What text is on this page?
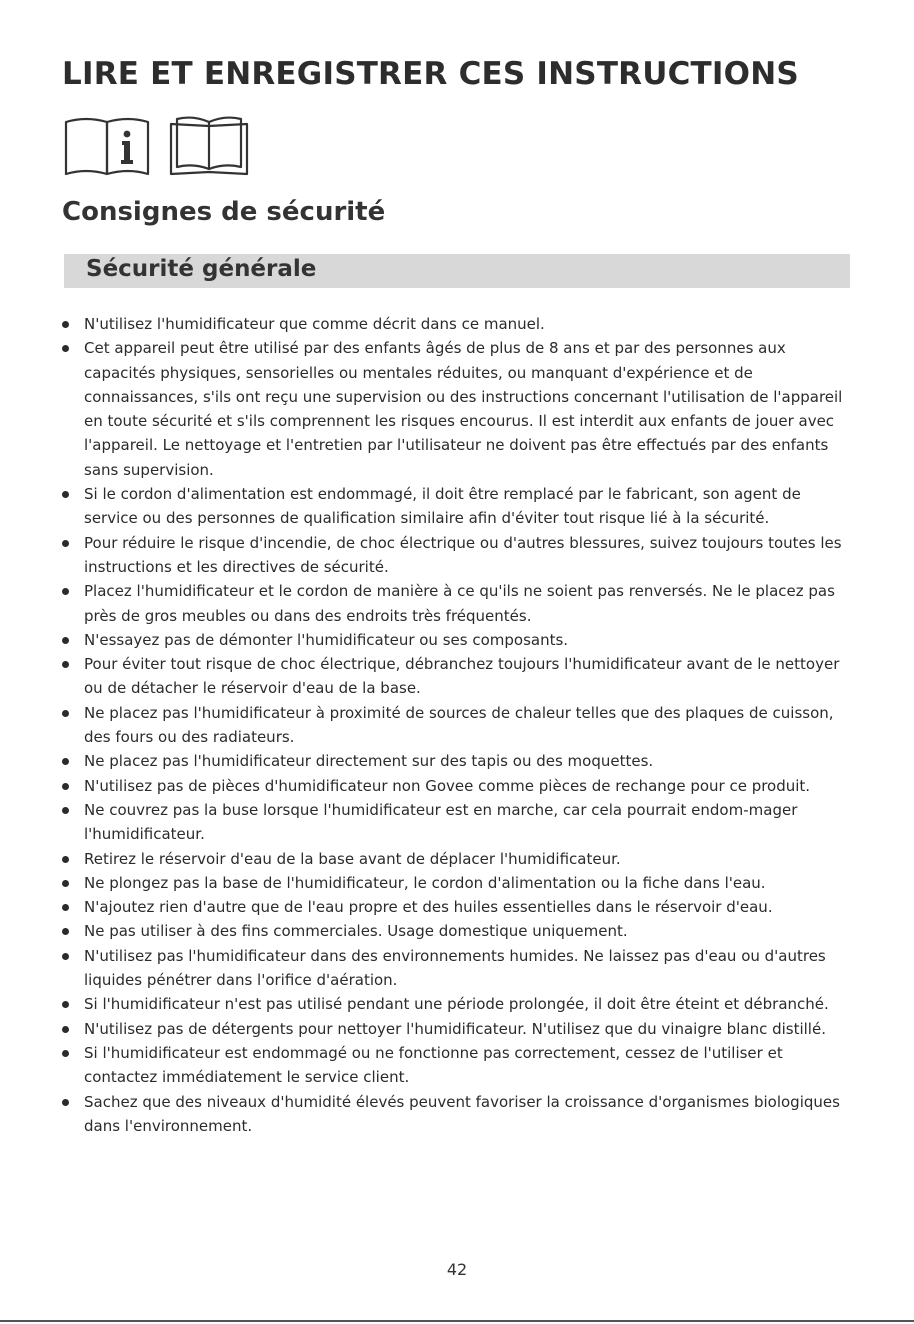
LIRE ET ENREGISTRER CES INSTRUCTIONS
Consignes de sécurité
Sécurité générale
N'utilisez l'humidificateur que comme décrit dans ce manuel.
Cet appareil peut être utilisé par des enfants âgés de plus de 8 ans et par des personnes aux capacités physiques, sensorielles ou mentales réduites, ou manquant d'expérience et de connaissances, s'ils ont reçu une supervision ou des instructions concernant l'utilisation de l'appareil en toute sécurité et s'ils comprennent les risques encourus. Il est interdit aux enfants de jouer avec l'appareil. Le nettoyage et l'entretien par l'utilisateur ne doivent pas être effectués par des enfants sans supervision.
Si le cordon d'alimentation est endommagé, il doit être remplacé par le fabricant, son agent de service ou des personnes de qualification similaire afin d'éviter tout risque lié à la sécurité.
Pour réduire le risque d'incendie, de choc électrique ou d'autres blessures, suivez toujours toutes les instructions et les directives de sécurité.
Placez l'humidificateur et le cordon de manière à ce qu'ils ne soient pas renversés. Ne le placez pas près de gros meubles ou dans des endroits très fréquentés.
N'essayez pas de démonter l'humidificateur ou ses composants.
Pour éviter tout risque de choc électrique, débranchez toujours l'humidificateur avant de le nettoyer ou de détacher le réservoir d'eau de la base.
Ne placez pas l'humidificateur à proximité de sources de chaleur telles que des plaques de cuisson, des fours ou des radiateurs.
Ne placez pas l'humidificateur directement sur des tapis ou des moquettes.
N'utilisez pas de pièces d'humidificateur non Govee comme pièces de rechange pour ce produit.
Ne couvrez pas la buse lorsque l'humidificateur est en marche, car cela pourrait endom-mager l'humidificateur.
Retirez le réservoir d'eau de la base avant de déplacer l'humidificateur.
Ne plongez pas la base de l'humidificateur, le cordon d'alimentation ou la fiche dans l'eau.
N'ajoutez rien d'autre que de l'eau propre et des huiles essentielles dans le réservoir d'eau.
Ne pas utiliser à des fins commerciales. Usage domestique uniquement.
N'utilisez pas l'humidificateur dans des environnements humides. Ne laissez pas d'eau ou d'autres liquides pénétrer dans l'orifice d'aération.
Si l'humidificateur n'est pas utilisé pendant une période prolongée, il doit être éteint et débranché.
N'utilisez pas de détergents pour nettoyer l'humidificateur. N'utilisez que du vinaigre blanc distillé.
Si l'humidificateur est endommagé ou ne fonctionne pas correctement, cessez de l'utiliser et contactez immédiatement le service client.
Sachez que des niveaux d'humidité élevés peuvent favoriser la croissance d'organismes biologiques dans l'environnement.
42
